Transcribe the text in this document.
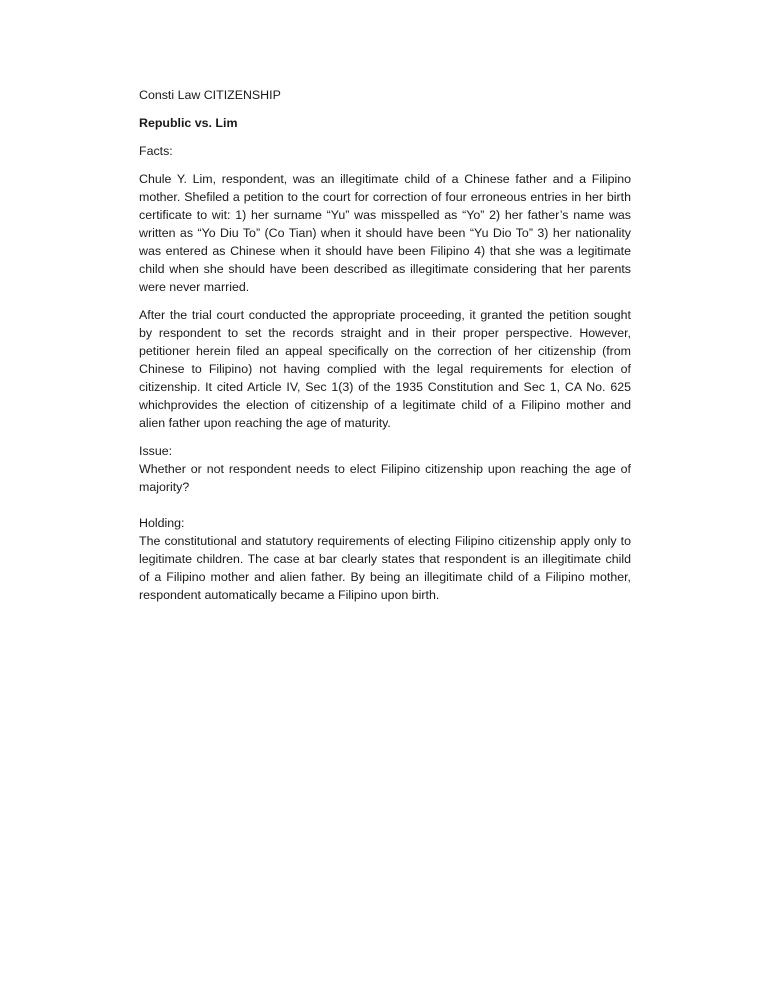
Consti Law CITIZENSHIP

Republic vs. Lim

Facts:

Chule Y. Lim, respondent, was an illegitimate child of a Chinese father and a Filipino mother. Shefiled a petition to the court for correction of four erroneous entries in her birth certificate to wit: 1) her surname “Yu” was misspelled as “Yo” 2) her father’s name was written as “Yo Diu To” (Co Tian) when it should have been “Yu Dio To” 3) her nationality was entered as Chinese when it should have been Filipino 4) that she was a legitimate child when she should have been described as illegitimate considering that her parents were never married.

After the trial court conducted the appropriate proceeding, it granted the petition sought by respondent to set the records straight and in their proper perspective. However, petitioner herein filed an appeal specifically on the correction of her citizenship (from Chinese to Filipino) not having complied with the legal requirements for election of citizenship. It cited Article IV, Sec 1(3) of the 1935 Constitution and Sec 1, CA No. 625 whichprovides the election of citizenship of a legitimate child of a Filipino mother and alien father upon reaching the age of maturity.

Issue:

Whether or not respondent needs to elect Filipino citizenship upon reaching the age of majority?

Holding:

The constitutional and statutory requirements of electing Filipino citizenship apply only to legitimate children. The case at bar clearly states that respondent is an illegitimate child of a Filipino mother and alien father. By being an illegitimate child of a Filipino mother, respondent automatically became a Filipino upon birth.
